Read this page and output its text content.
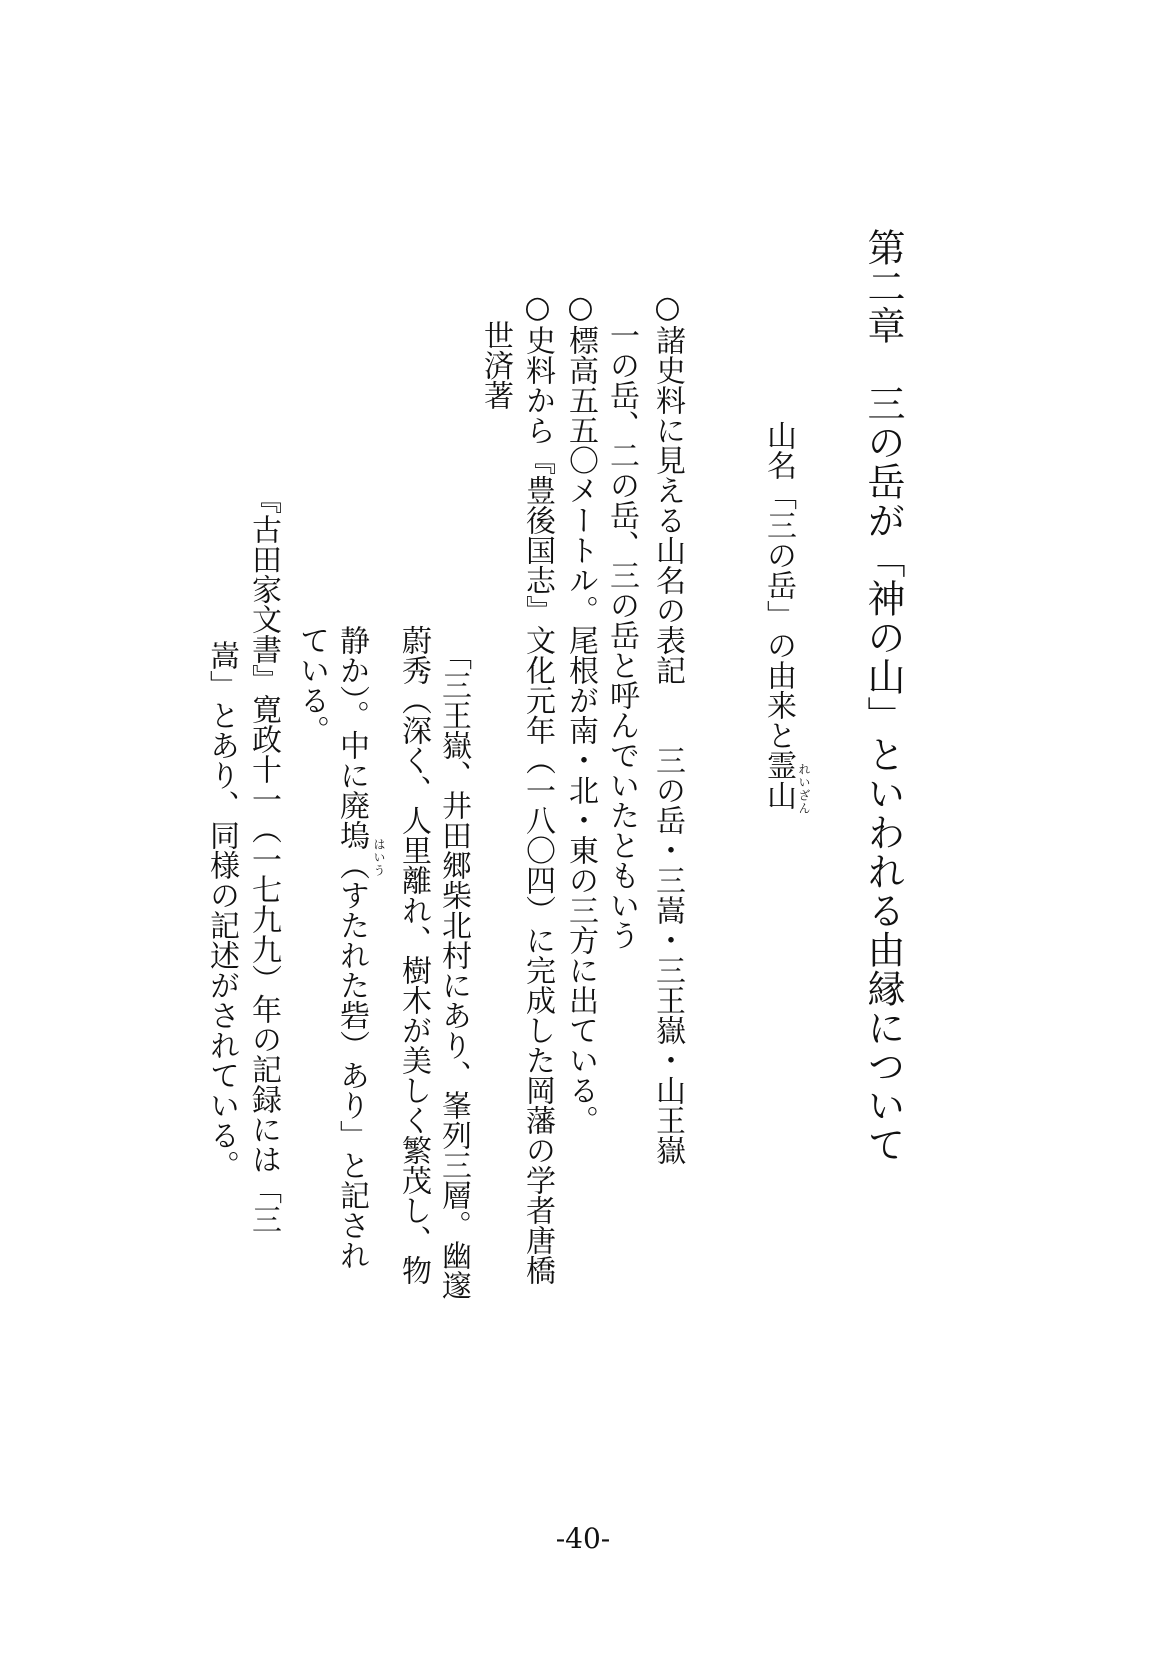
第二章　三の岳が「神の山」といわれる由縁について
山名「三の岳」の由来と霊山 れいざん
○諸史料に見える山名の表記　　三の岳・三嵩・三王嶽・山王嶽
　一の岳、二の岳、三の岳と呼んでいたともいう
○標高五五〇メートル。尾根が南・北・東の三方に出ている。
○史料から『豊後国志』文化元年（一八〇四）に完成した岡藩の学者唐橋
世済著
　「三王嶽、井田郷柴北村にあり、峯列三層。幽邃
蔚秀（深く、人里離れ、樹木が美しく繁茂し、物
静か）。中に廃塢（すたれた砦）あり」と記され はいう
ている。
『古田家文書』寛政十一（一七九九）年の記録には「三
　嵩」とあり、同様の記述がされている。
-40-
